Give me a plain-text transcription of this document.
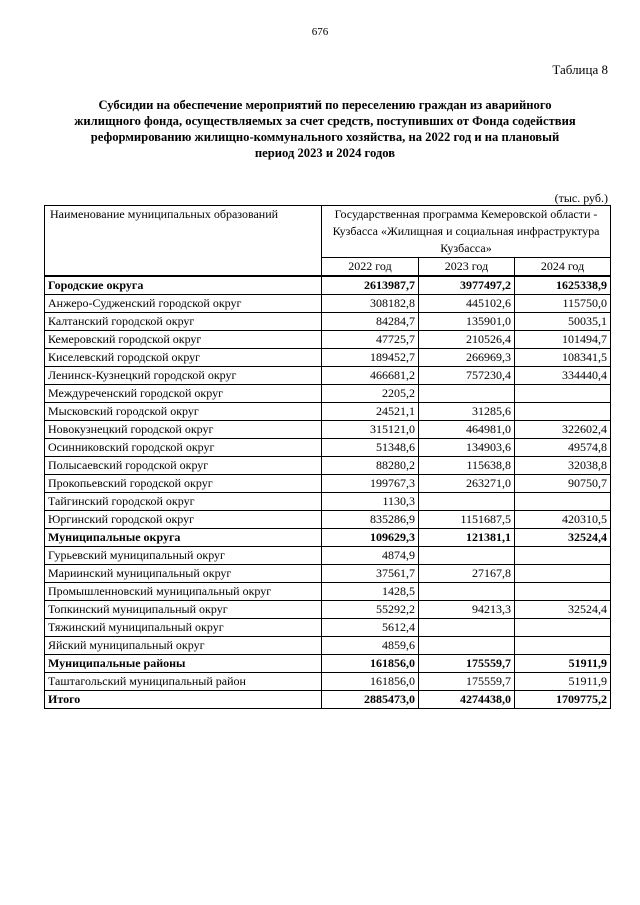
676
Таблица 8
Субсидии на обеспечение мероприятий по переселению граждан из аварийного
жилищного фонда, осуществляемых за счет средств, поступивших от Фонда содействия
реформированию жилищно-коммунального хозяйства, на 2022 год и на плановый
период 2023 и 2024 годов
(тыс. руб.)
Наименование муниципальных образований	Государственная программа Кемеровской области - Кузбасса «Жилищная и социальная инфраструктура Кузбасса»		
	2022 год	2023 год	2024 год
Городские округа	2613987,7	3977497,2	1625338,9
Анжеро-Судженский городской округ	308182,8	445102,6	115750,0
Калтанский городской округ	84284,7	135901,0	50035,1
Кемеровский городской округ	47725,7	210526,4	101494,7
Киселевский городской округ	189452,7	266969,3	108341,5
Ленинск-Кузнецкий городской округ	466681,2	757230,4	334440,4
Междуреченский городской округ	2205,2		
Мысковский городской округ	24521,1	31285,6	
Новокузнецкий городской округ	315121,0	464981,0	322602,4
Осинниковский городской округ	51348,6	134903,6	49574,8
Полысаевский городской округ	88280,2	115638,8	32038,8
Прокопьевский городской округ	199767,3	263271,0	90750,7
Тайгинский городской округ	1130,3		
Юргинский городской округ	835286,9	1151687,5	420310,5
Муниципальные округа	109629,3	121381,1	32524,4
Гурьевский муниципальный округ	4874,9		
Мариинский муниципальный округ	37561,7	27167,8	
Промышленновский муниципальный округ	1428,5		
Топкинский муниципальный округ	55292,2	94213,3	32524,4
Тяжинский муниципальный округ	5612,4		
Яйский муниципальный округ	4859,6		
Муниципальные районы	161856,0	175559,7	51911,9
Таштагольский муниципальный район	161856,0	175559,7	51911,9
Итого	2885473,0	4274438,0	1709775,2
